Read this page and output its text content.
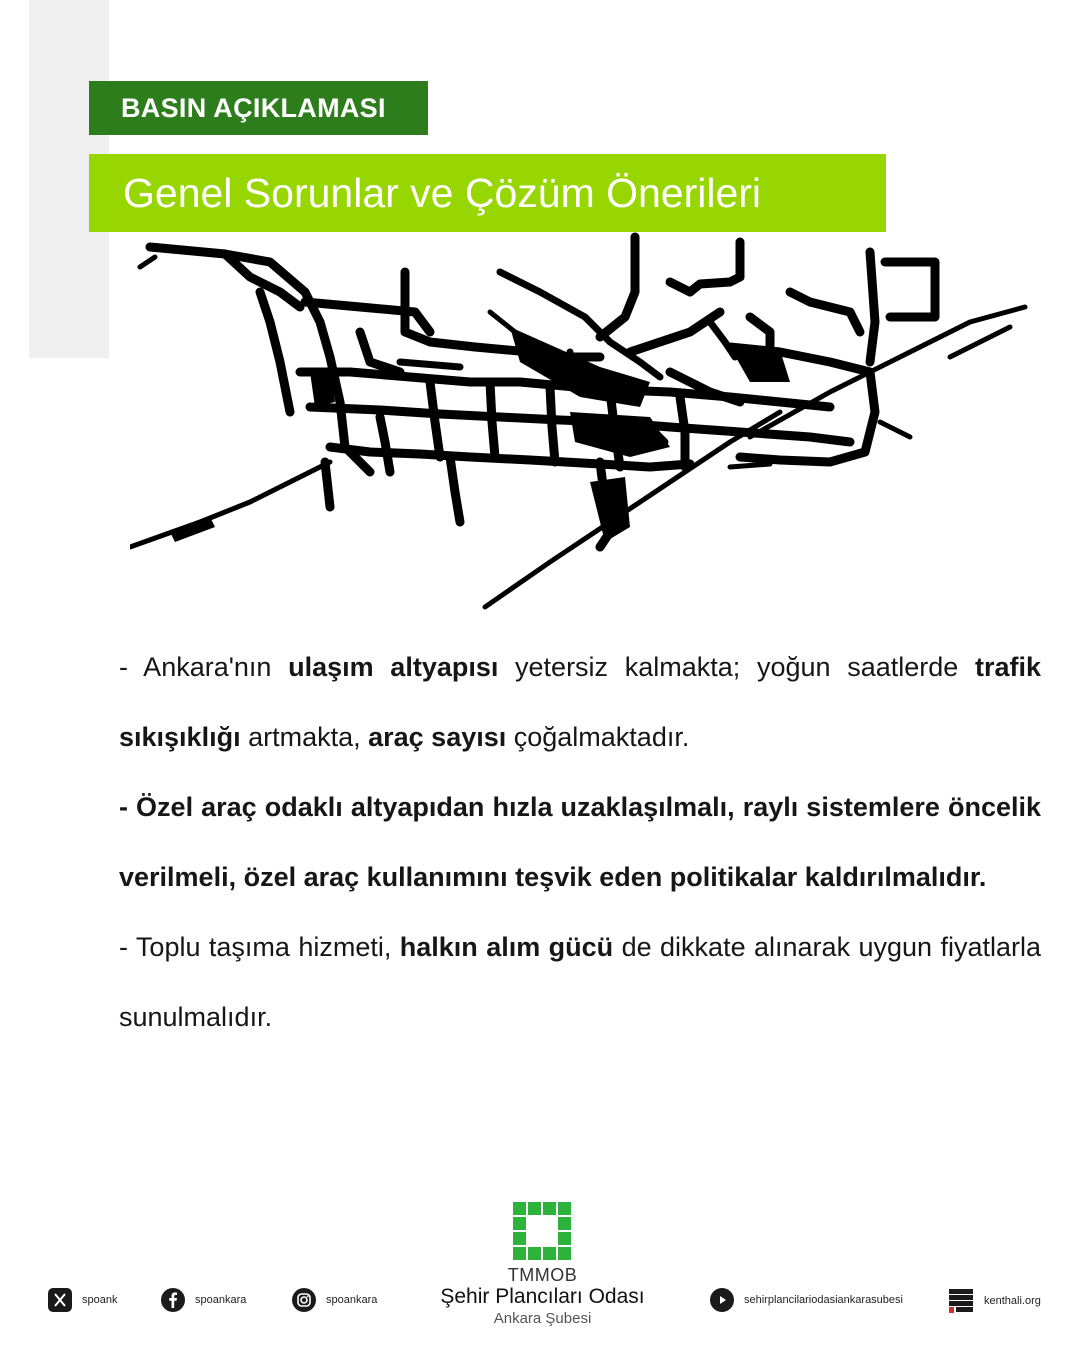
BASIN AÇIKLAMASI
Genel Sorunlar ve Çözüm Önerileri

- Ankara'nın ulaşım altyapısı yetersiz kalmakta; yoğun saatlerde trafik sıkışıklığı artmakta, araç sayısı çoğalmaktadır.

- Özel araç odaklı altyapıdan hızla uzaklaşılmalı, raylı sistemlere öncelik verilmeli, özel araç kullanımını teşvik eden politikalar kaldırılmalıdır.

- Toplu taşıma hizmeti, halkın alım gücü de dikkate alınarak uygun fiyatlarla sunulmalıdır.

TMMOB
Şehir Plancıları Odası
Ankara Şubesi
spoank	spoankara	spoankara	sehirplancilariodasiankarasubesi	kenthali.org
